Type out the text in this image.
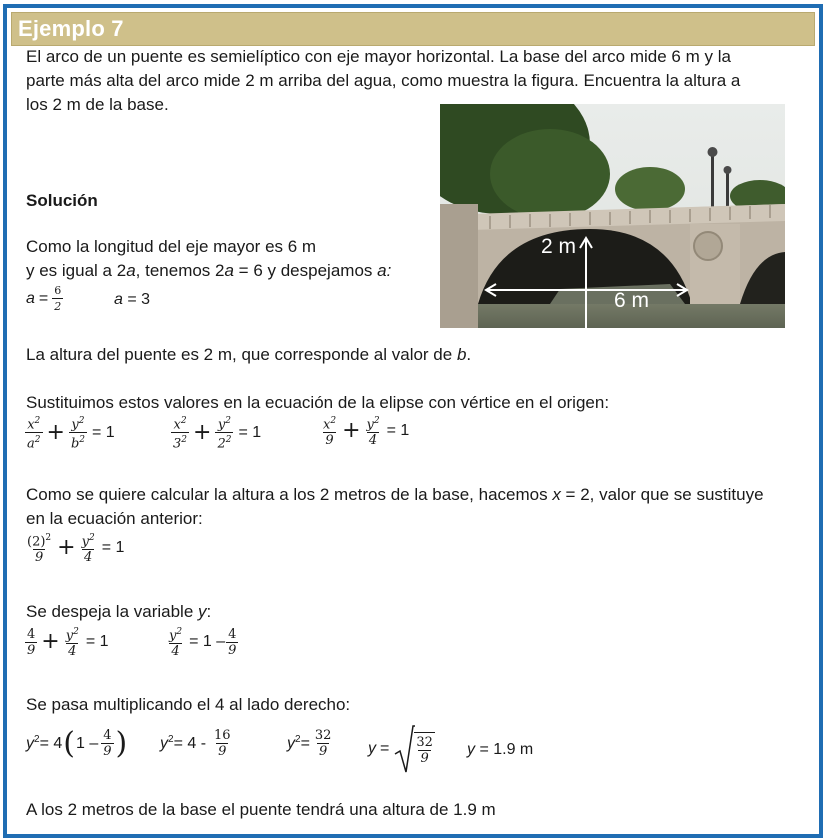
Ejemplo 7
El arco de un puente es semielíptico con eje mayor horizontal. La base del arco mide 6 m y la
parte más alta del arco mide 2 m arriba del agua, como muestra la figura. Encuentra la altura a
los 2 m de la base.
2 m
6 m
Solución
Como la longitud del eje mayor es 6 m
y es igual a 2a, tenemos 2a = 6 y despejamos a:
$a = \frac{6}{2}$	a = 3
La altura del puente es 2 m, que corresponde al valor de b.
Sustituimos estos valores en la ecuación de la elipse con vértice en el origen:
$\frac{x^2}{a^2} + \frac{y^2}{b^2} = 1$	$\frac{x^2}{3^2} + \frac{y^2}{2^2} = 1$	$\frac{x^2}{9} + \frac{y^2}{4} = 1$
Como se quiere calcular la altura a los 2 metros de la base, hacemos x = 2, valor que se sustituye
en la ecuación anterior:
$\frac{(2)^2}{9} + \frac{y^2}{4} = 1$
Se despeja la variable y:
$\frac{4}{9} + \frac{y^2}{4} = 1$	$\frac{y^2}{4} = 1 - \frac{4}{9}$
Se pasa multiplicando el 4 al lado derecho:
$y^2 = 4$ ( $1 - \frac{4}{9}$ ) $y^2 = 4 - \frac{16}{9}$	$y^2 = \frac{32}{9}$ $y = \frac{32}{9}$ y = 1.9 m
A los 2 metros de la base el puente tendrá una altura de 1.9 m
